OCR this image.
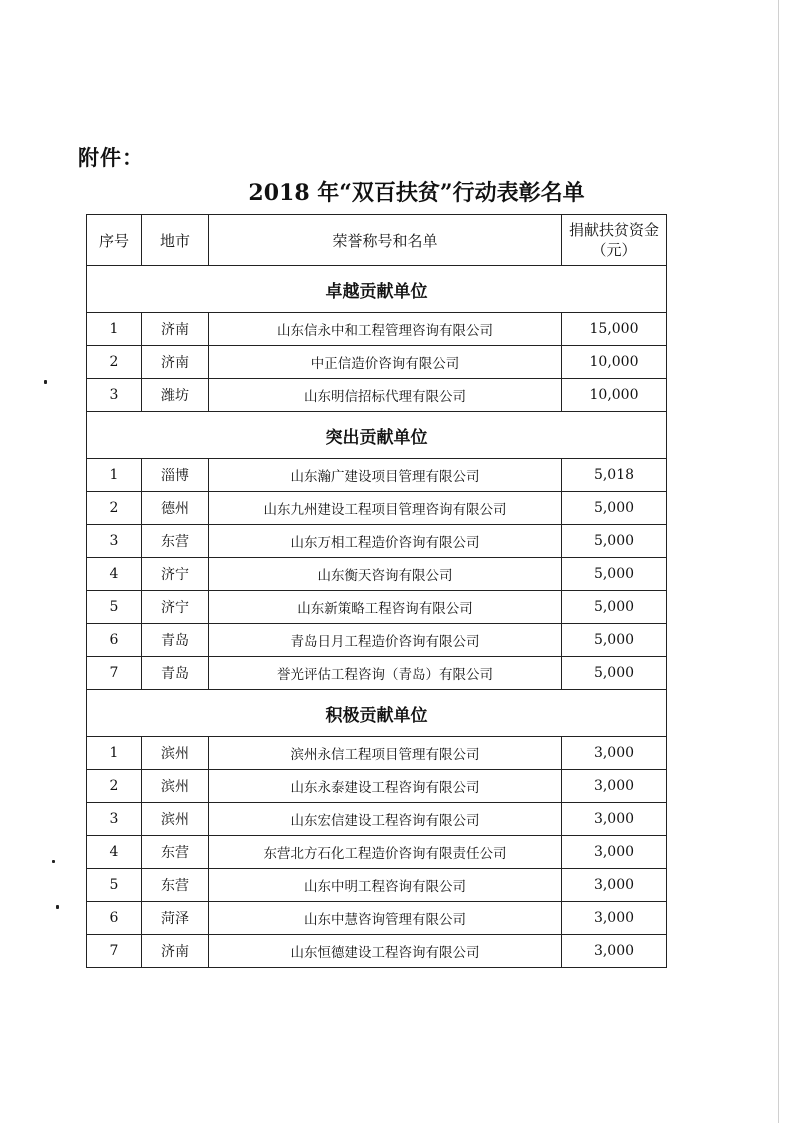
附件：
2018 年“双百扶贫”行动表彰名单
序号	地市	荣誉称号和名单	捐献扶贫资金（元）
卓越贡献单位			
1	济南	山东信永中和工程管理咨询有限公司	15,000
2	济南	中正信造价咨询有限公司	10,000
3	潍坊	山东明信招标代理有限公司	10,000
突出贡献单位			
1	淄博	山东瀚广建设项目管理有限公司	5,018
2	德州	山东九州建设工程项目管理咨询有限公司	5,000
3	东营	山东万相工程造价咨询有限公司	5,000
4	济宁	山东衡天咨询有限公司	5,000
5	济宁	山东新策略工程咨询有限公司	5,000
6	青岛	青岛日月工程造价咨询有限公司	5,000
7	青岛	誉光评估工程咨询（青岛）有限公司	5,000
积极贡献单位			
1	滨州	滨州永信工程项目管理有限公司	3,000
2	滨州	山东永泰建设工程咨询有限公司	3,000
3	滨州	山东宏信建设工程咨询有限公司	3,000
4	东营	东营北方石化工程造价咨询有限责任公司	3,000
5	东营	山东中明工程咨询有限公司	3,000
6	菏泽	山东中慧咨询管理有限公司	3,000
7	济南	山东恒德建设工程咨询有限公司	3,000
